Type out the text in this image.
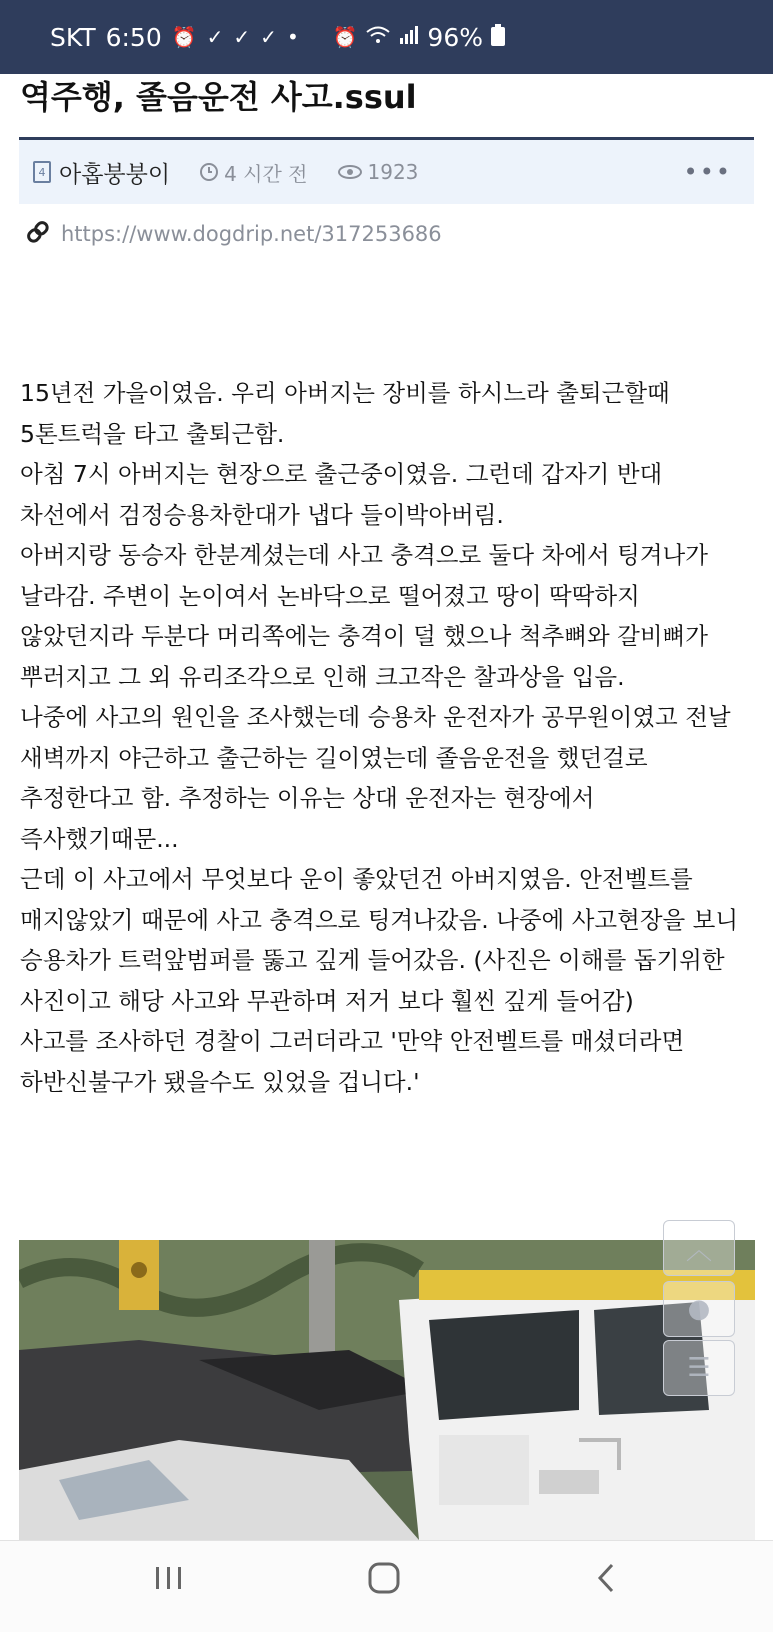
SKT 6:50 ⏰ ✓ ✓ ✓ • ⏰	96%
역주행, 졸음운전 사고.ssul
4 아홉붕붕이	4 시간 전	1923	•••
https://www.dogdrip.net/317253686

15년전 가을이였음. 우리 아버지는 장비를 하시느라 출퇴근할때 5톤트럭을 타고 출퇴근함.

아침 7시 아버지는 현장으로 출근중이였음. 그런데 갑자기 반대 차선에서 검정승용차한대가 냅다 들이박아버림.

아버지랑 동승자 한분계셨는데 사고 충격으로 둘다 차에서 팅겨나가 날라감. 주변이 논이여서 논바닥으로 떨어졌고 땅이 딱딱하지 않았던지라 두분다 머리쪽에는 충격이 덜 했으나 척추뼈와 갈비뼈가 뿌러지고 그 외 유리조각으로 인해 크고작은 찰과상을 입음.

나중에 사고의 원인을 조사했는데 승용차 운전자가 공무원이였고 전날 새벽까지 야근하고 출근하는 길이였는데 졸음운전을 했던걸로 추정한다고 함. 추정하는 이유는 상대 운전자는 현장에서 즉사했기때문...

근데 이 사고에서 무엇보다 운이 좋았던건 아버지였음. 안전벨트를 매지않았기 때문에 사고 충격으로 팅겨나갔음. 나중에 사고현장을 보니 승용차가 트럭앞범퍼를 뚫고 깊게 들어갔음. (사진은 이해를 돕기위한 사진이고 해당 사고와 무관하며 저거 보다 훨씬 깊게 들어감)

사고를 조사하던 경찰이 그러더라고 '만약 안전벨트를 매셨더라면 하반신불구가 됐을수도 있었을 겁니다.'

︿
●
☰
